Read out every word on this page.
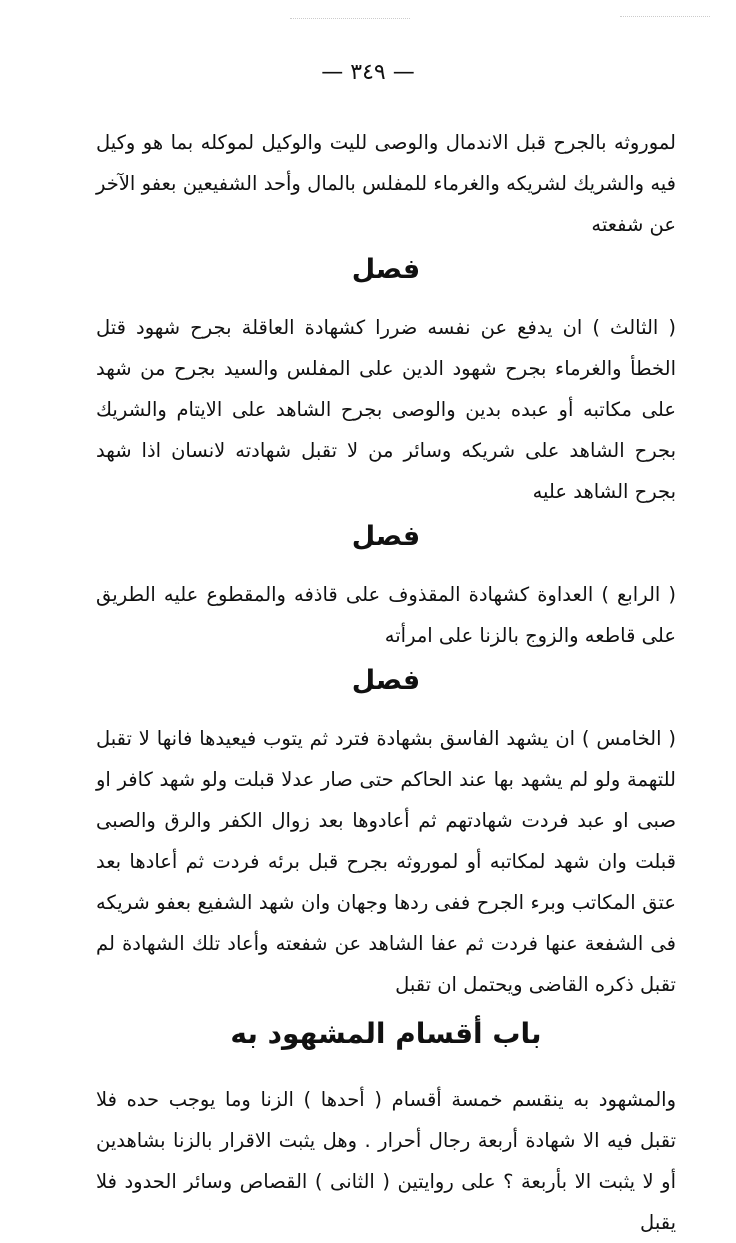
— ٣٤٩ —

لموروثه بالجرح قبل الاندمال والوصى لليت والوكيل لموكله بما هو وكيل فيه والشريك لشريكه والغرماء للمفلس بالمال وأحد الشفيعين بعفو الآخر عن شفعته

فصل

( الثالث ) ان يدفع عن نفسه ضررا كشهادة العاقلة بجرح شهود قتل الخطأ والغرماء بجرح شهود الدين على المفلس والسيد بجرح من شهد على مكاتبه أو عبده بدين والوصى بجرح الشاهد على الايتام والشريك بجرح الشاهد على شريكه وسائر من لا تقبل شهادته لانسان اذا شهد بجرح الشاهد عليه

فصل

( الرابع ) العداوة كشهادة المقذوف على قاذفه والمقطوع عليه الطريق على قاطعه والزوج بالزنا على امرأته

فصل

( الخامس ) ان يشهد الفاسق بشهادة فترد ثم يتوب فيعيدها فانها لا تقبل للتهمة ولو لم يشهد بها عند الحاكم حتى صار عدلا قبلت ولو شهد كافر او صبى او عبد فردت شهادتهم ثم أعادوها بعد زوال الكفر والرق والصبى قبلت وان شهد لمكاتبه أو لموروثه بجرح قبل برئه فردت ثم أعادها بعد عتق المكاتب وبرء الجرح ففى ردها وجهان وان شهد الشفيع بعفو شريكه فى الشفعة عنها فردت ثم عفا الشاهد عن شفعته وأعاد تلك الشهادة لم تقبل ذكره القاضى ويحتمل ان تقبل

باب أقسام المشهود به

والمشهود به ينقسم خمسة أقسام ( أحدها ) الزنا وما يوجب حده فلا تقبل فيه الا شهادة أربعة رجال أحرار . وهل يثبت الاقرار بالزنا بشاهدين أو لا يثبت الا بأربعة ؟ على روايتين ( الثانى ) القصاص وسائر الحدود فلا يقبل
